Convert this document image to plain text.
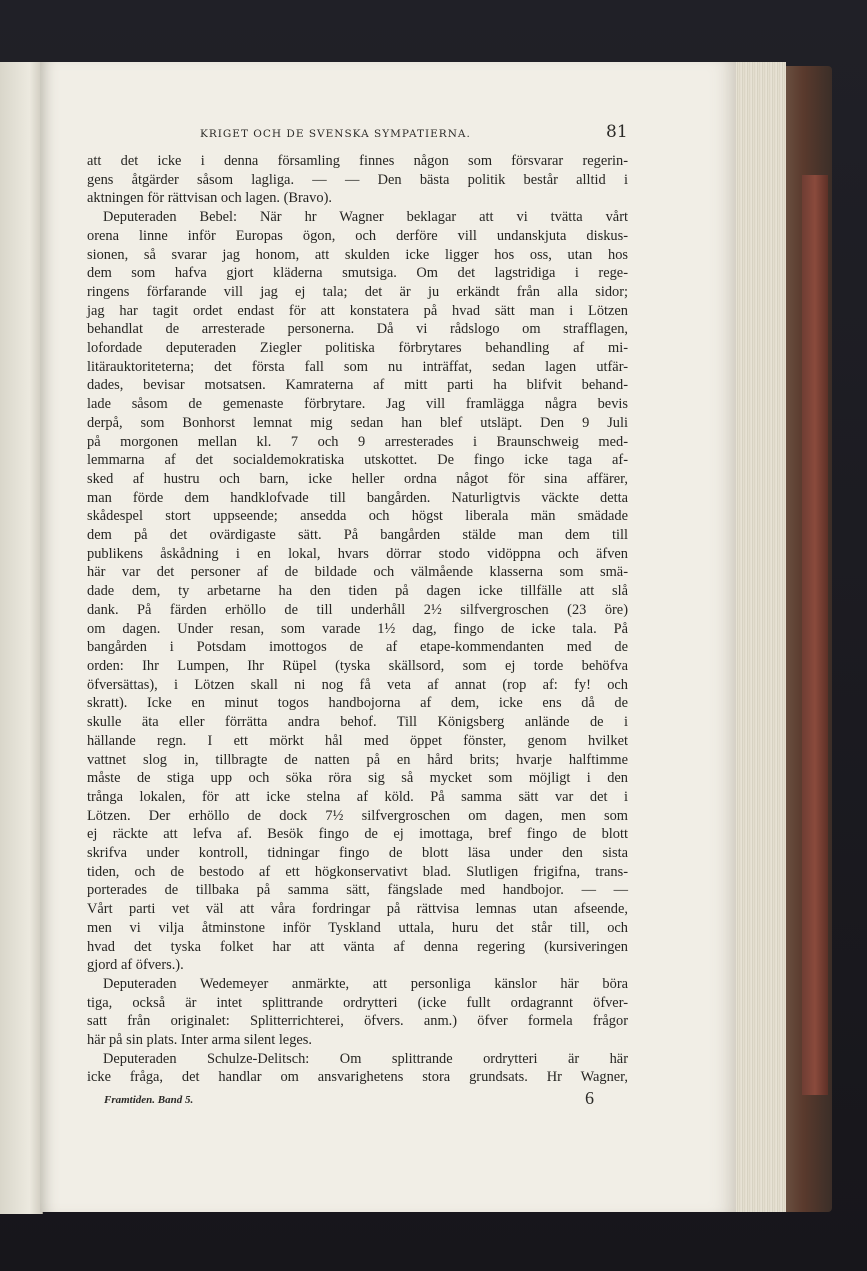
KRIGET OCH DE SVENSKA SYMPATIERNA.	81
att det icke i denna församling finnes någon som försvarar regerin-
gens åtgärder såsom lagliga. — — Den bästa politik består alltid i
aktningen för rättvisan och lagen. (Bravo).
Deputeraden Bebel: När hr Wagner beklagar att vi tvätta vårt
orena linne inför Europas ögon, och derföre vill undanskjuta diskus-
sionen, så svarar jag honom, att skulden icke ligger hos oss, utan hos
dem som hafva gjort kläderna smutsiga. Om det lagstridiga i rege-
ringens förfarande vill jag ej tala; det är ju erkändt från alla sidor;
jag har tagit ordet endast för att konstatera på hvad sätt man i Lötzen
behandlat de arresterade personerna. Då vi rådslogo om strafflagen,
lofordade deputeraden Ziegler politiska förbrytares behandling af mi-
litärauktoriteterna; det första fall som nu inträffat, sedan lagen utfär-
dades, bevisar motsatsen. Kamraterna af mitt parti ha blifvit behand-
lade såsom de gemenaste förbrytare. Jag vill framlägga några bevis
derpå, som Bonhorst lemnat mig sedan han blef utsläpt. Den 9 Juli
på morgonen mellan kl. 7 och 9 arresterades i Braunschweig med-
lemmarna af det socialdemokratiska utskottet. De fingo icke taga af-
sked af hustru och barn, icke heller ordna något för sina affärer,
man förde dem handklofvade till bangården. Naturligtvis väckte detta
skådespel stort uppseende; ansedda och högst liberala män smädade
dem på det ovärdigaste sätt. På bangården stälde man dem till
publikens åskådning i en lokal, hvars dörrar stodo vidöppna och äfven
här var det personer af de bildade och välmående klasserna som smä-
dade dem, ty arbetarne ha den tiden på dagen icke tillfälle att slå
dank. På färden erhöllo de till underhåll 2½ silfvergroschen (23 öre)
om dagen. Under resan, som varade 1½ dag, fingo de icke tala. På
bangården i Potsdam imottogos de af etape-kommendanten med de
orden: Ihr Lumpen, Ihr Rüpel (tyska skällsord, som ej torde behöfva
öfversättas), i Lötzen skall ni nog få veta af annat (rop af: fy! och
skratt). Icke en minut togos handbojorna af dem, icke ens då de
skulle äta eller förrätta andra behof. Till Königsberg anlände de i
hällande regn. I ett mörkt hål med öppet fönster, genom hvilket
vattnet slog in, tillbragte de natten på en hård brits; hvarje halftimme
måste de stiga upp och söka röra sig så mycket som möjligt i den
trånga lokalen, för att icke stelna af köld. På samma sätt var det i
Lötzen. Der erhöllo de dock 7½ silfvergroschen om dagen, men som
ej räckte att lefva af. Besök fingo de ej imottaga, bref fingo de blott
skrifva under kontroll, tidningar fingo de blott läsa under den sista
tiden, och de bestodo af ett högkonservativt blad. Slutligen frigifna, trans-
porterades de tillbaka på samma sätt, fängslade med handbojor. — —
Vårt parti vet väl att våra fordringar på rättvisa lemnas utan afseende,
men vi vilja åtminstone inför Tyskland uttala, huru det står till, och
hvad det tyska folket har att vänta af denna regering (kursiveringen
gjord af öfvers.).
Deputeraden Wedemeyer anmärkte, att personliga känslor här böra
tiga, också är intet splittrande ordrytteri (icke fullt ordagrannt öfver-
satt från originalet: Splitterrichterei, öfvers. anm.) öfver formela frågor
här på sin plats. Inter arma silent leges.
Deputeraden Schulze-Delitsch: Om splittrande ordrytteri är här
icke fråga, det handlar om ansvarighetens stora grundsats. Hr Wagner,
Framtiden. Band 5.	6
